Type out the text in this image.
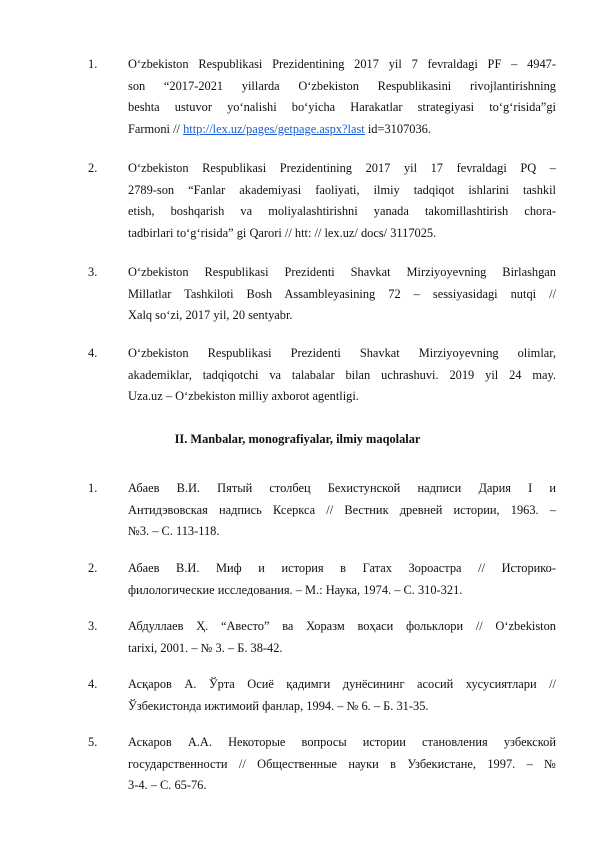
1. O‘zbekiston Respublikasi Prezidentining 2017 yil 7 fevraldagi PF – 4947-
son “2017-2021 yillarda O‘zbekiston Respublikasini rivojlantirishning
beshta ustuvor yo‘nalishi bo‘yicha Harakatlar strategiyasi to‘g‘risida”gi
Farmoni // http://lex.uz/pages/getpage.aspx?last id=3107036.
2. O‘zbekiston Respublikasi Prezidentining 2017 yil 17 fevraldagi PQ –
2789-son “Fanlar akademiyasi faoliyati, ilmiy tadqiqot ishlarini tashkil
etish, boshqarish va moliyalashtirishni yanada takomillashtirish chora-
tadbirlari to‘g‘risida” gi Qarori // htt: // lex.uz/ docs/ 3117025.
3. O‘zbekiston Respublikasi Prezidenti Shavkat Mirziyoyevning Birlashgan
Millatlar Tashkiloti Bosh Assambleyasining 72 – sessiyasidagi nutqi //
Xalq so‘zi, 2017 yil, 20 sentyabr.
4. O‘zbekiston Respublikasi Prezidenti Shavkat Mirziyoyevning olimlar,
akademiklar, tadqiqotchi va talabalar bilan uchrashuvi. 2019 yil 24 may.
Uza.uz – O‘zbekiston milliy axborot agentligi.
II. Manbalar, monografiyalar, ilmiy maqolalar
1. Абаев В.И. Пятый столбец Бехистунской надписи Дария I и
Антидэвовская надпись Ксеркса // Вестник древней истории, 1963. –
№3. – С. 113-118.
2. Абаев В.И. Миф и история в Гатах Зороастра // Историко-
филологические исследования. – М.: Наука, 1974. – С. 310-321.
3. Абдуллаев Ҳ. “Авесто” ва Хоразм воҳаси фольклори // O‘zbekiston
tarixi, 2001. – № 3. – Б. 38-42.
4. Асқаров А. Ўрта Осиё қадимги дунёсининг асосий хусусиятлари //
Ўзбекистонда ижтимоий фанлар, 1994. – № 6. – Б. 31-35.
5. Аскаров А.А. Некоторые вопросы истории становления узбекской
государственности // Общественные науки в Узбекистане, 1997. – №
3-4. – С. 65-76.
